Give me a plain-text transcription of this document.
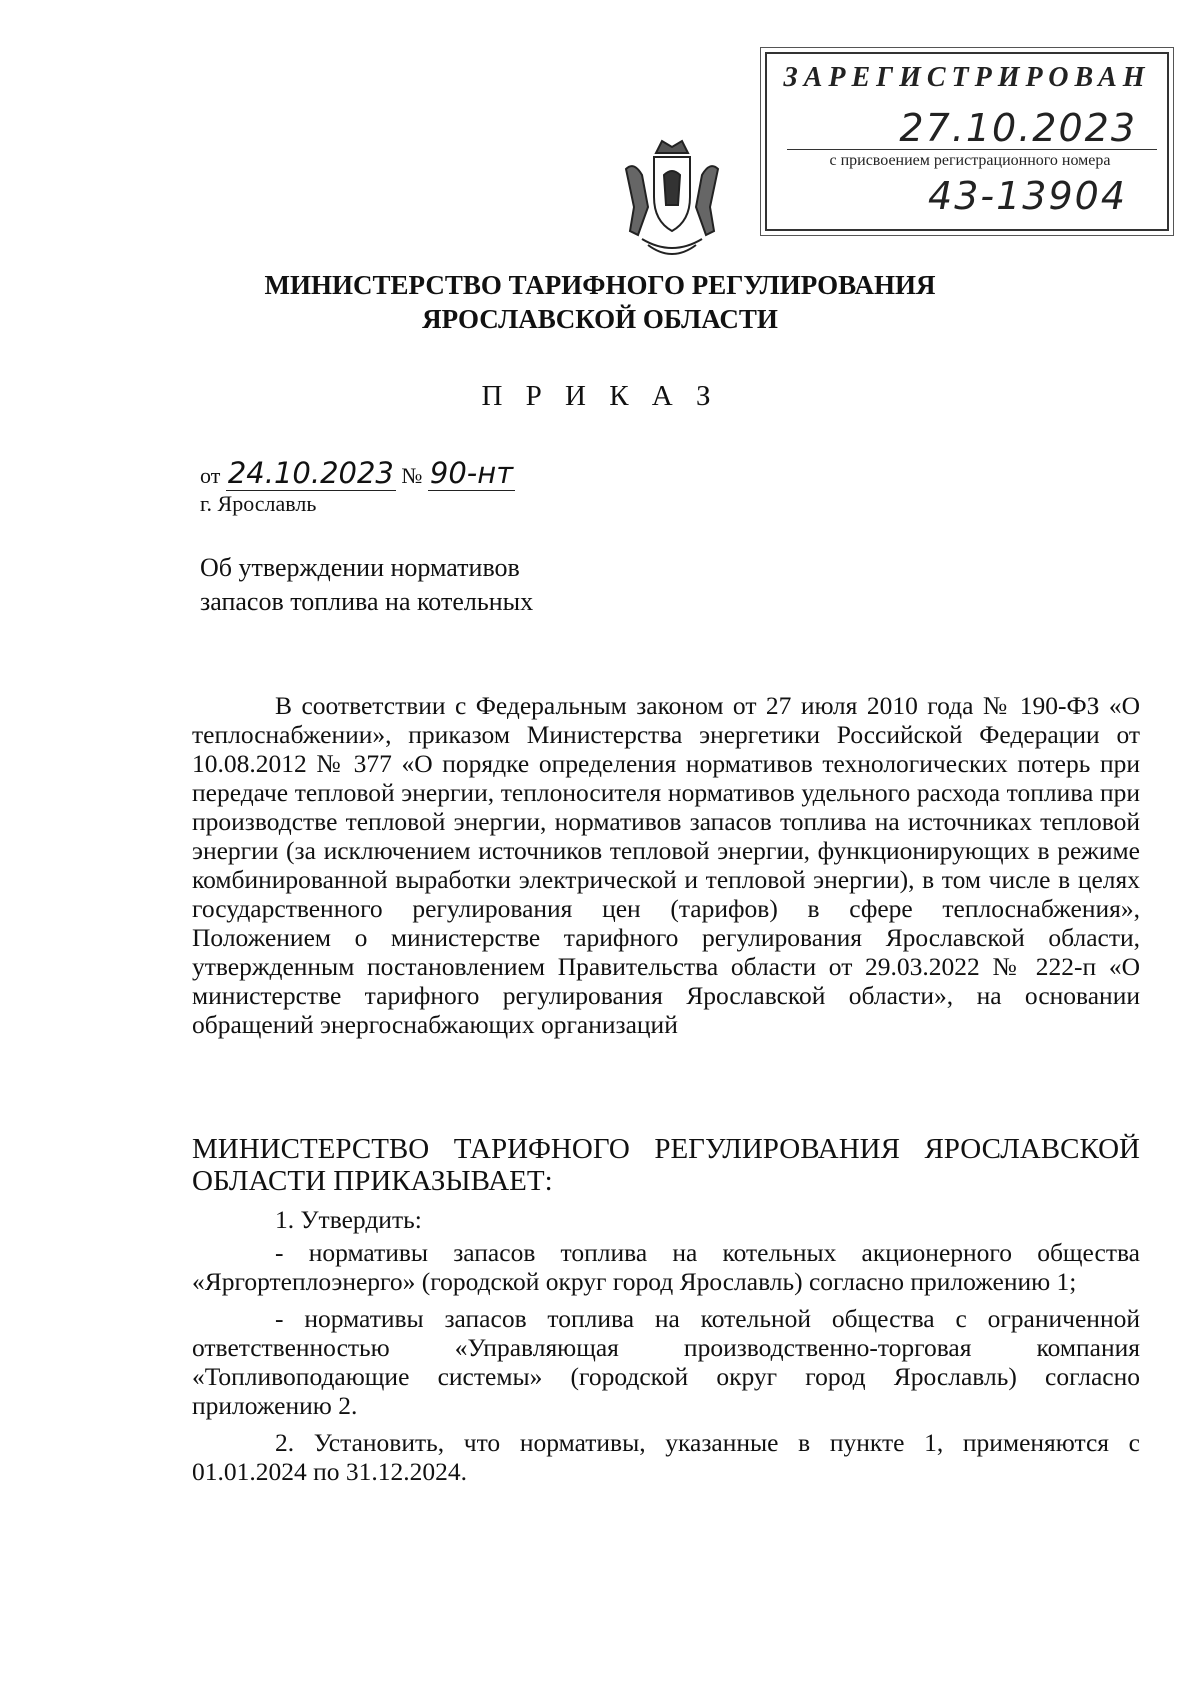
ЗАРЕГИСТРИРОВАН
27.10.2023
с присвоением регистрационного номера
43-13904
МИНИСТЕРСТВО ТАРИФНОГО РЕГУЛИРОВАНИЯ
ЯРОСЛАВСКОЙ ОБЛАСТИ
П Р И К А З
от 24.10.2023 № 90-нт
г. Ярославль
Об утверждении нормативов
запасов топлива на котельных
В соответствии с Федеральным законом от 27 июля 2010 года № 190-ФЗ «О теплоснабжении», приказом Министерства энергетики Российской Федерации от 10.08.2012 № 377 «О порядке определения нормативов технологических потерь при передаче тепловой энергии, теплоносителя нормативов удельного расхода топлива при производстве тепловой энергии, нормативов запасов топлива на источниках тепловой энергии (за исключением источников тепловой энергии, функционирующих в режиме комбинированной выработки электрической и тепловой энергии), в том числе в целях государственного регулирования цен (тарифов) в сфере теплоснабжения», Положением о министерстве тарифного регулирования Ярославской области, утвержденным постановлением Правительства области от 29.03.2022 № 222-п «О министерстве тарифного регулирования Ярославской области», на основании обращений энергоснабжающих организаций
МИНИСТЕРСТВО ТАРИФНОГО РЕГУЛИРОВАНИЯ ЯРОСЛАВСКОЙ ОБЛАСТИ ПРИКАЗЫВАЕТ:
1. Утвердить:
- нормативы запасов топлива на котельных акционерного общества «Яргортеплоэнерго» (городской округ город Ярославль) согласно приложению 1;
- нормативы запасов топлива на котельной общества с ограниченной ответственностью «Управляющая производственно-торговая компания «Топливоподающие системы» (городской округ город Ярославль) согласно приложению 2.
2. Установить, что нормативы, указанные в пункте 1, применяются с 01.01.2024 по 31.12.2024.
